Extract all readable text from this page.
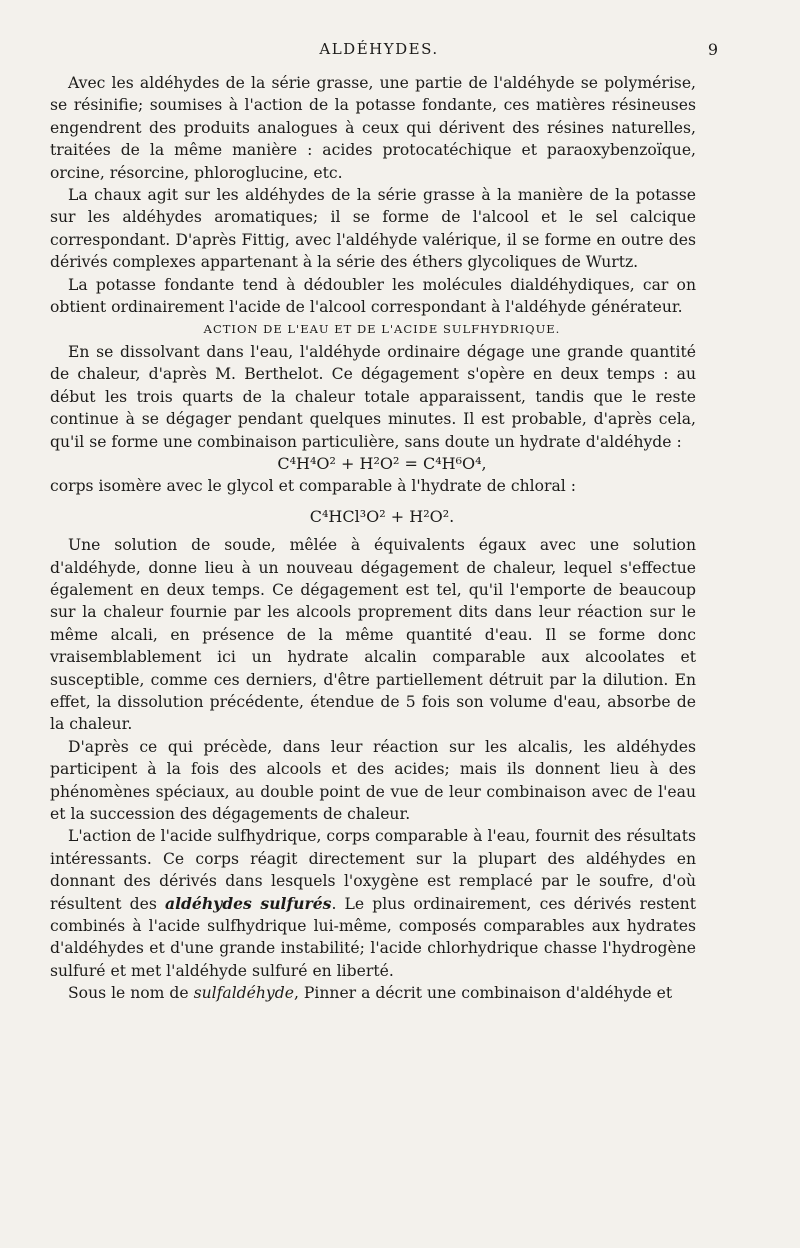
ALDÉHYDES.	9

Avec les aldéhydes de la série grasse, une partie de l'aldéhyde se polymérise, se résinifie; soumises à l'action de la potasse fondante, ces matières résineuses engendrent des produits analogues à ceux qui dérivent des résines naturelles, traitées de la même manière : acides protocatéchique et paraoxybenzoïque, orcine, résorcine, phloroglucine, etc.

La chaux agit sur les aldéhydes de la série grasse à la manière de la potasse sur les aldéhydes aromatiques; il se forme de l'alcool et le sel calcique correspondant. D'après Fittig, avec l'aldéhyde valérique, il se forme en outre des dérivés complexes appartenant à la série des éthers glycoliques de Wurtz.

La potasse fondante tend à dédoubler les molécules dialdéhydiques, car on obtient ordinairement l'acide de l'alcool correspondant à l'aldéhyde générateur.

ACTION DE L'EAU ET DE L'ACIDE SULFHYDRIQUE.

En se dissolvant dans l'eau, l'aldéhyde ordinaire dégage une grande quantité de chaleur, d'après M. Berthelot. Ce dégagement s'opère en deux temps : au début les trois quarts de la chaleur totale apparaissent, tandis que le reste continue à se dégager pendant quelques minutes. Il est probable, d'après cela, qu'il se forme une combinaison particulière, sans doute un hydrate d'aldéhyde :

C⁴H⁴O² + H²O² = C⁴H⁶O⁴,

corps isomère avec le glycol et comparable à l'hydrate de chloral :

C⁴HCl³O² + H²O².

Une solution de soude, mêlée à équivalents égaux avec une solution d'aldéhyde, donne lieu à un nouveau dégagement de chaleur, lequel s'effectue également en deux temps. Ce dégagement est tel, qu'il l'emporte de beaucoup sur la chaleur fournie par les alcools proprement dits dans leur réaction sur le même alcali, en présence de la même quantité d'eau. Il se forme donc vraisemblablement ici un hydrate alcalin comparable aux alcoolates et susceptible, comme ces derniers, d'être partiellement détruit par la dilution. En effet, la dissolution précédente, étendue de 5 fois son volume d'eau, absorbe de la chaleur.

D'après ce qui précède, dans leur réaction sur les alcalis, les aldéhydes participent à la fois des alcools et des acides; mais ils donnent lieu à des phénomènes spéciaux, au double point de vue de leur combinaison avec de l'eau et la succession des dégagements de chaleur.

L'action de l'acide sulfhydrique, corps comparable à l'eau, fournit des résultats intéressants. Ce corps réagit directement sur la plupart des aldéhydes en donnant des dérivés dans lesquels l'oxygène est remplacé par le soufre, d'où résultent des aldéhydes sulfurés. Le plus ordinairement, ces dérivés restent combinés à l'acide sulfhydrique lui-même, composés comparables aux hydrates d'aldéhydes et d'une grande instabilité; l'acide chlorhydrique chasse l'hydrogène sulfuré et met l'aldéhyde sulfuré en liberté.

Sous le nom de sulfaldéhyde, Pinner a décrit une combinaison d'aldéhyde et
